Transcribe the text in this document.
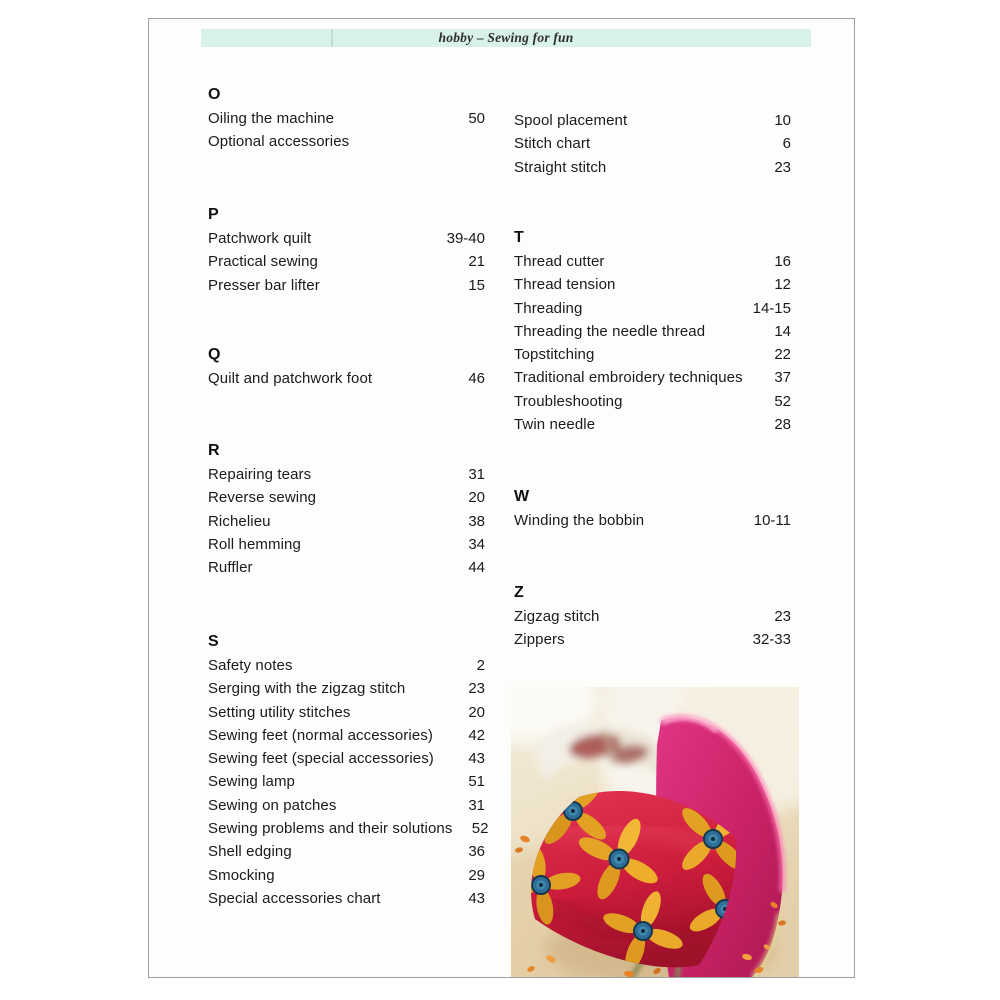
hobby – Sewing for fun
O
Oiling the machine	50
Optional accessories
P
Patchwork quilt	39-40
Practical sewing	21
Presser bar lifter	15
Q
Quilt and patchwork foot	46
R
Repairing tears	31
Reverse sewing	20
Richelieu	38
Roll hemming	34
Ruffler	44
S
Safety notes	2
Serging with the zigzag stitch	23
Setting utility stitches	20
Sewing feet (normal accessories)	42
Sewing feet (special accessories)	43
Sewing lamp	51
Sewing on patches	31
Sewing problems and their solutions	52
Shell edging	36
Smocking	29
Special accessories chart	43
Spool placement	10
Stitch chart	6
Straight stitch	23
T
Thread cutter	16
Thread tension	12
Threading	14-15
Threading the needle thread	14
Topstitching	22
Traditional embroidery techniques	37
Troubleshooting	52
Twin needle	28
W
Winding the bobbin	10-11
Z
Zigzag stitch	23
Zippers	32-33
